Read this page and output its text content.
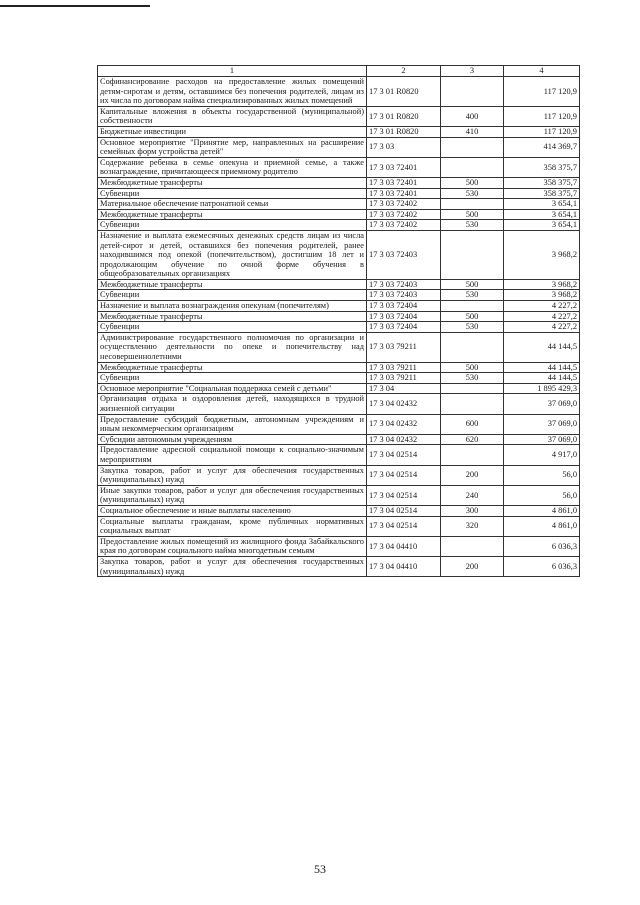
1	2	3	4
Софинансирование расходов на предоставление жилых помещений детям-сиротам и детям, оставшимся без попечения родителей, лицам из их числа по договорам найма специализированных жилых помещений	17 3 01 R0820		117 120,9
Капитальные вложения в объекты государственной (муниципальной) собственности	17 3 01 R0820	400	117 120,9
Бюджетные инвестиции	17 3 01 R0820	410	117 120,9
Основное мероприятие "Принятие мер, направленных на расширение семейных форм устройства детей"	17 3 03		414 369,7
Содержание ребенка в семье опекуна и приемной семье, а также вознаграждение, причитающееся приемному родителю	17 3 03 72401		358 375,7
Межбюджетные трансферты	17 3 03 72401	500	358 375,7
Субвенции	17 3 03 72401	530	358 375,7
Материальное обеспечение патронатной семьи	17 3 03 72402		3 654,1
Межбюджетные трансферты	17 3 03 72402	500	3 654,1
Субвенции	17 3 03 72402	530	3 654,1
Назначение и выплата ежемесячных денежных средств лицам из числа детей-сирот и детей, оставшихся без попечения родителей, ранее находившимся под опекой (попечительством), достигшим 18 лет и продолжающим обучение по очной форме обучения в общеобразовательных организациях	17 3 03 72403		3 968,2
Межбюджетные трансферты	17 3 03 72403	500	3 968,2
Субвенции	17 3 03 72403	530	3 968,2
Назначение и выплата вознаграждения опекунам (попечителям)	17 3 03 72404		4 227,2
Межбюджетные трансферты	17 3 03 72404	500	4 227,2
Субвенции	17 3 03 72404	530	4 227,2
Администрирование государственного полномочия по организации и осуществлению деятельности по опеке и попечительству над несовершеннолетними	17 3 03 79211		44 144,5
Межбюджетные трансферты	17 3 03 79211	500	44 144,5
Субвенции	17 3 03 79211	530	44 144,5
Основное мероприятие "Социальная поддержка семей с детьми"	17 3 04		1 895 429,3
Организация отдыха и оздоровления детей, находящихся в трудной жизненной ситуации	17 3 04 02432		37 069,0
Предоставление субсидий бюджетным, автономным учреждениям и иным некоммерческим организациям	17 3 04 02432	600	37 069,0
Субсидии автономным учреждениям	17 3 04 02432	620	37 069,0
Предоставление адресной социальной помощи к социально-значимым мероприятиям	17 3 04 02514		4 917,0
Закупка товаров, работ и услуг для обеспечения государственных (муниципальных) нужд	17 3 04 02514	200	56,0
Иные закупки товаров, работ и услуг для обеспечения государственных (муниципальных) нужд	17 3 04 02514	240	56,0
Социальное обеспечение и иные выплаты населению	17 3 04 02514	300	4 861,0
Социальные выплаты гражданам, кроме публичных нормативных социальных выплат	17 3 04 02514	320	4 861,0
Предоставление жилых помещений из жилищного фонда Забайкальского края по договорам социального найма многодетным семьям	17 3 04 04410		6 036,3
Закупка товаров, работ и услуг для обеспечения государственных (муниципальных) нужд	17 3 04 04410	200	6 036,3
53
